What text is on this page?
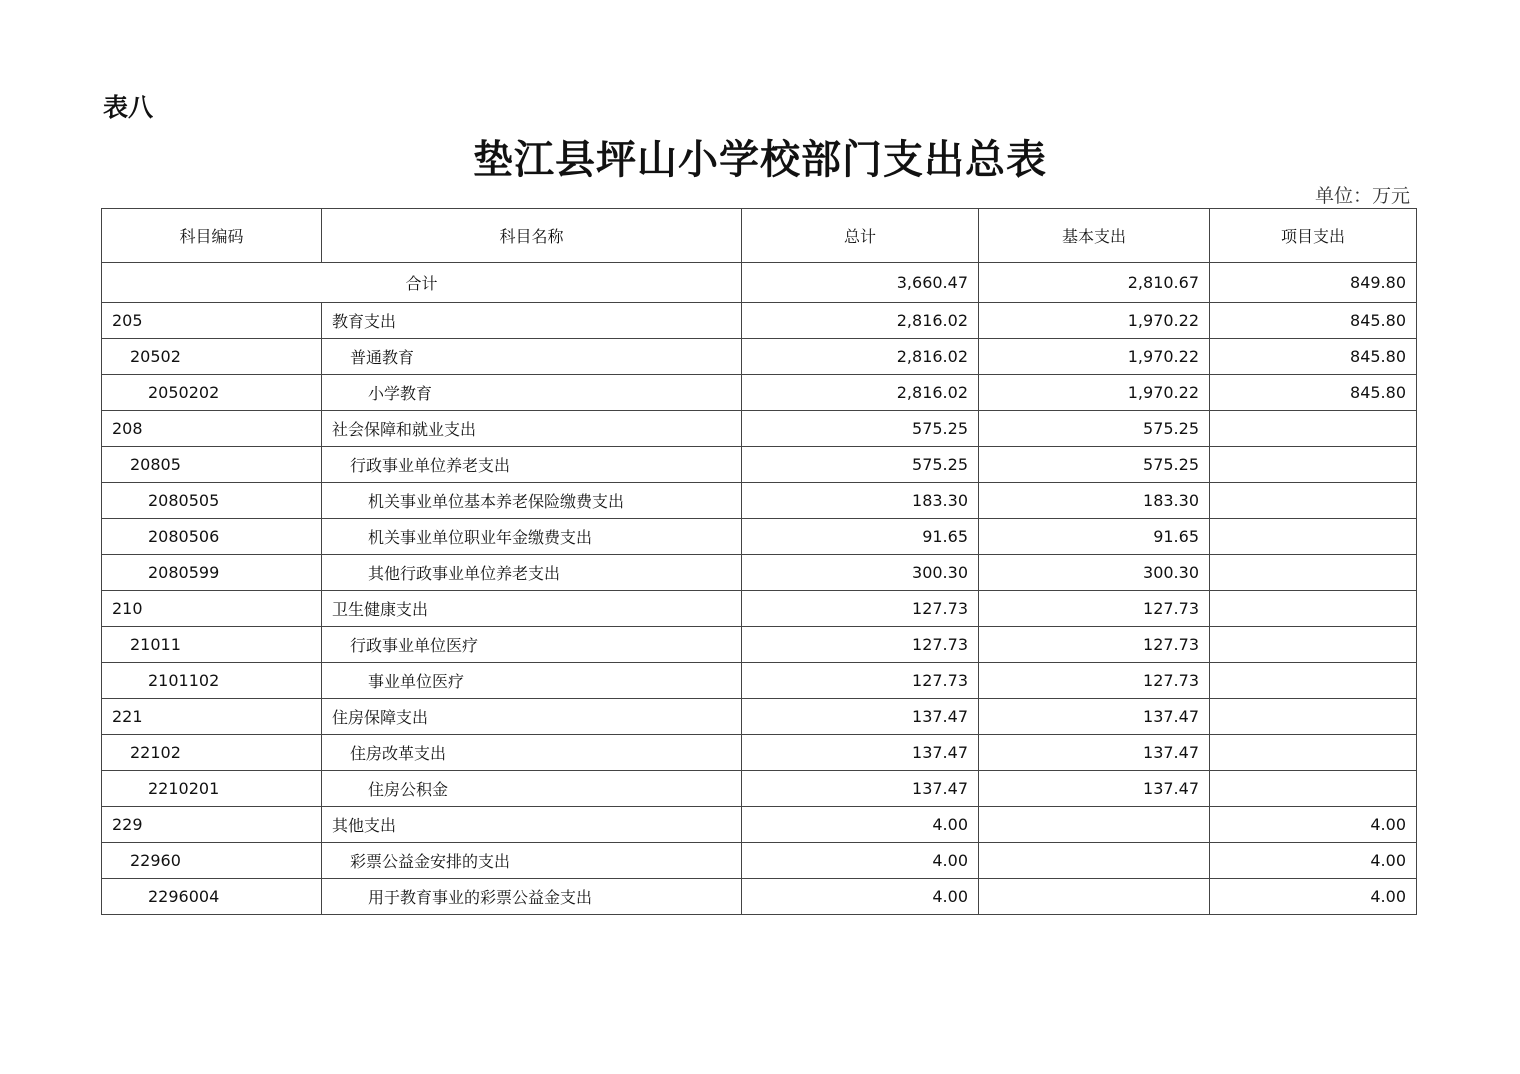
表八
垫江县坪山小学校部门支出总表
单位：万元
科目编码	科目名称	总计	基本支出	项目支出
合计		3,660.47	2,810.67	849.80
205	教育支出	2,816.02	1,970.22	845.80
20502	普通教育	2,816.02	1,970.22	845.80
2050202	小学教育	2,816.02	1,970.22	845.80
208	社会保障和就业支出	575.25	575.25	
20805	行政事业单位养老支出	575.25	575.25	
2080505	机关事业单位基本养老保险缴费支出	183.30	183.30	
2080506	机关事业单位职业年金缴费支出	91.65	91.65	
2080599	其他行政事业单位养老支出	300.30	300.30	
210	卫生健康支出	127.73	127.73	
21011	行政事业单位医疗	127.73	127.73	
2101102	事业单位医疗	127.73	127.73	
221	住房保障支出	137.47	137.47	
22102	住房改革支出	137.47	137.47	
2210201	住房公积金	137.47	137.47	
229	其他支出	4.00		4.00
22960	彩票公益金安排的支出	4.00		4.00
2296004	用于教育事业的彩票公益金支出	4.00		4.00
